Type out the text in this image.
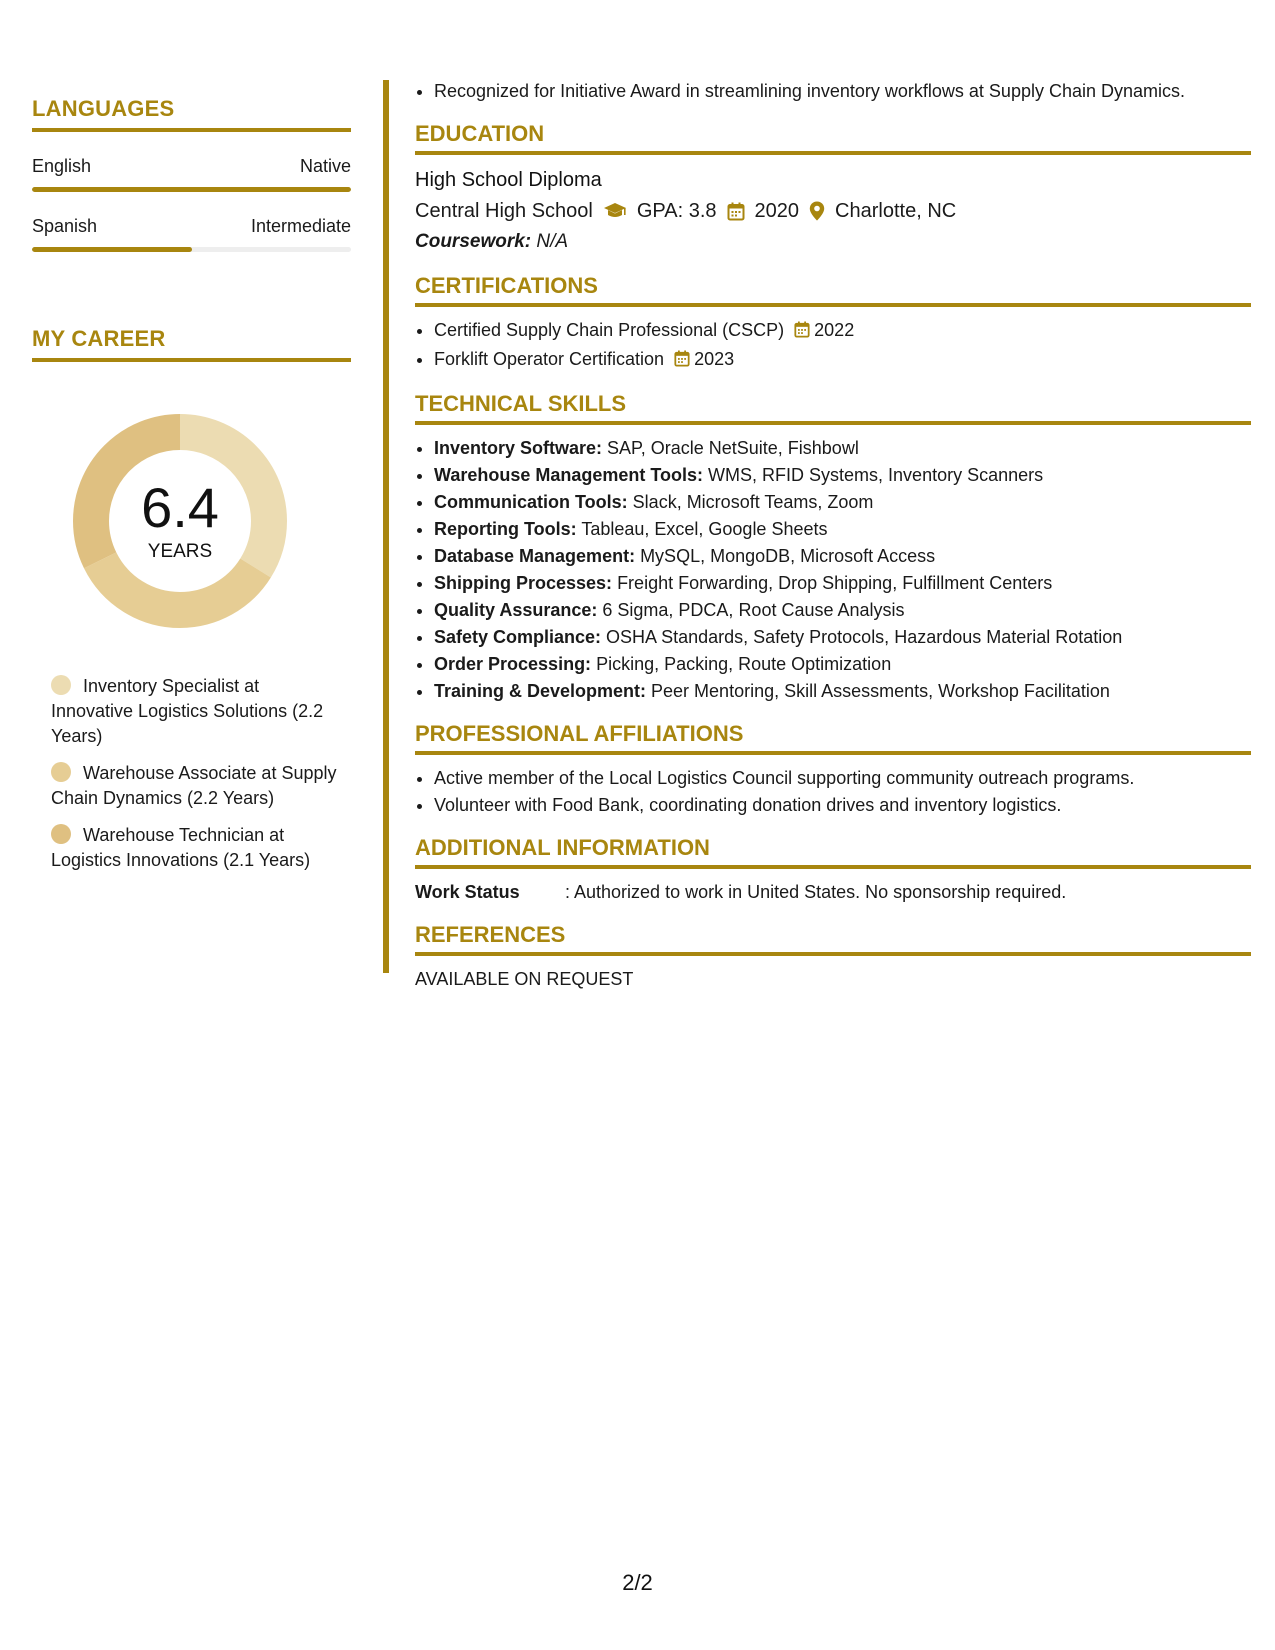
LANGUAGES
English	Native
Spanish	Intermediate
MY CAREER
6.4
YEARS
Inventory Specialist at Innovative Logistics Solutions (2.2 Years)
Warehouse Associate at Supply Chain Dynamics (2.2 Years)
Warehouse Technician at Logistics Innovations (2.1 Years)
• Recognized for Initiative Award in streamlining inventory workflows at Supply Chain Dynamics.
EDUCATION
High School Diploma
Central High School GPA: 3.8 2020 Charlotte, NC
Coursework: N/A
CERTIFICATIONS
• Certified Supply Chain Professional (CSCP) 2022
• Forklift Operator Certification 2023
TECHNICAL SKILLS
• Inventory Software: SAP, Oracle NetSuite, Fishbowl
• Warehouse Management Tools: WMS, RFID Systems, Inventory Scanners
• Communication Tools: Slack, Microsoft Teams, Zoom
• Reporting Tools: Tableau, Excel, Google Sheets
• Database Management: MySQL, MongoDB, Microsoft Access
• Shipping Processes: Freight Forwarding, Drop Shipping, Fulfillment Centers
• Quality Assurance: 6 Sigma, PDCA, Root Cause Analysis
• Safety Compliance: OSHA Standards, Safety Protocols, Hazardous Material Rotation
• Order Processing: Picking, Packing, Route Optimization
• Training & Development: Peer Mentoring, Skill Assessments, Workshop Facilitation
PROFESSIONAL AFFILIATIONS
• Active member of the Local Logistics Council supporting community outreach programs.
• Volunteer with Food Bank, coordinating donation drives and inventory logistics.
ADDITIONAL INFORMATION
Work Status	: Authorized to work in United States. No sponsorship required.
REFERENCES
AVAILABLE ON REQUEST
2/2
